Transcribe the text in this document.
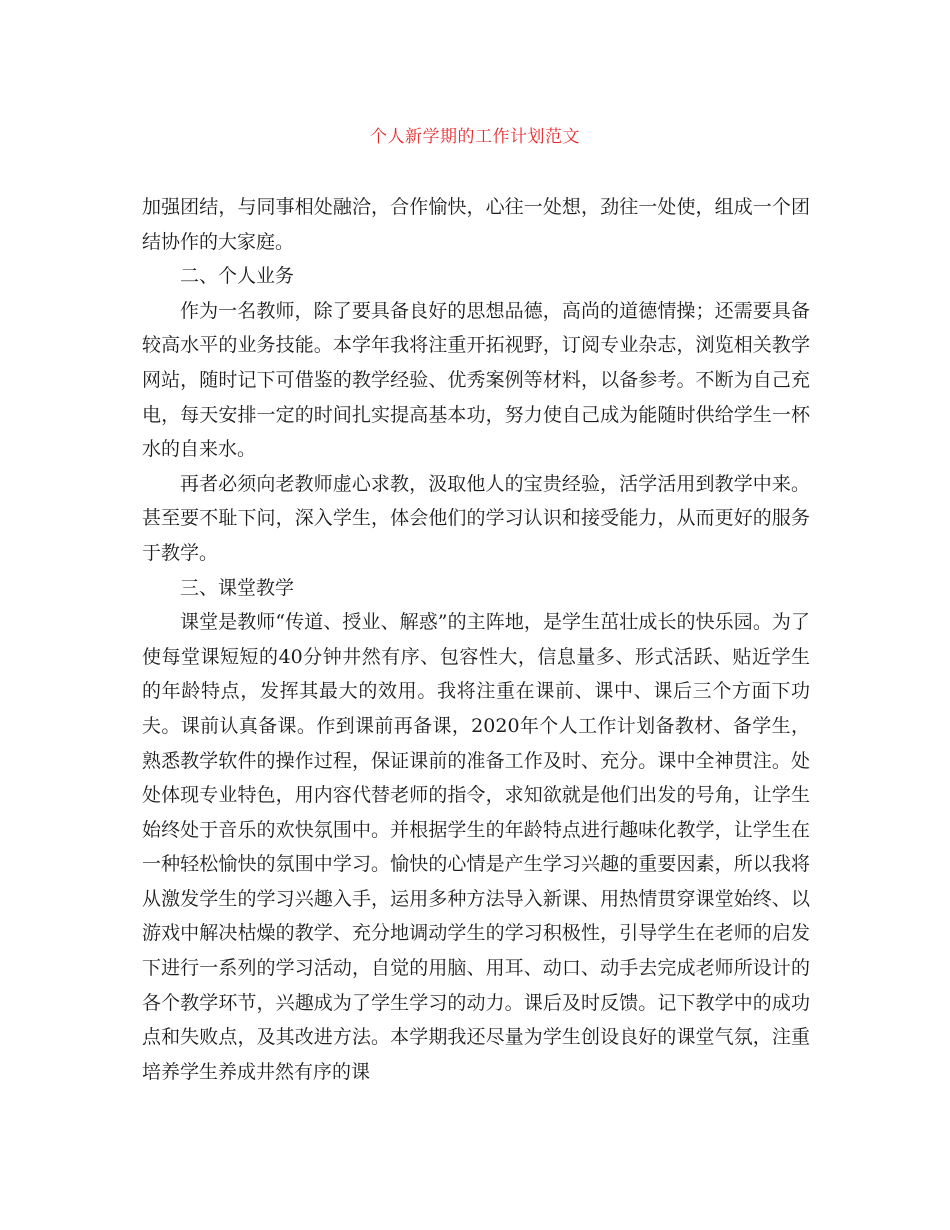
个人新学期的工作计划范文

加强团结，与同事相处融洽，合作愉快，心往一处想，劲往一处使，组成一个团结协作的大家庭。

二、个人业务

作为一名教师，除了要具备良好的思想品德，高尚的道德情操；还需要具备较高水平的业务技能。本学年我将注重开拓视野，订阅专业杂志，浏览相关教学网站，随时记下可借鉴的教学经验、优秀案例等材料，以备参考。不断为自己充电，每天安排一定的时间扎实提高基本功，努力使自己成为能随时供给学生一杯水的自来水。

再者必须向老教师虚心求教，汲取他人的宝贵经验，活学活用到教学中来。甚至要不耻下问，深入学生，体会他们的学习认识和接受能力，从而更好的服务于教学。

三、课堂教学

课堂是教师“传道、授业、解惑”的主阵地，是学生茁壮成长的快乐园。为了使每堂课短短的40分钟井然有序、包容性大，信息量多、形式活跃、贴近学生的年龄特点，发挥其最大的效用。我将注重在课前、课中、课后三个方面下功夫。课前认真备课。作到课前再备课，2020年个人工作计划备教材、备学生，熟悉教学软件的操作过程，保证课前的准备工作及时、充分。课中全神贯注。处处体现专业特色，用内容代替老师的指令，求知欲就是他们出发的号角，让学生始终处于音乐的欢快氛围中。并根据学生的年龄特点进行趣味化教学，让学生在一种轻松愉快的氛围中学习。愉快的心情是产生学习兴趣的重要因素，所以我将从激发学生的学习兴趣入手，运用多种方法导入新课、用热情贯穿课堂始终、以游戏中解决枯燥的教学、充分地调动学生的学习积极性，引导学生在老师的启发下进行一系列的学习活动，自觉的用脑、用耳、动口、动手去完成老师所设计的各个教学环节，兴趣成为了学生学习的动力。课后及时反馈。记下教学中的成功点和失败点，及其改进方法。本学期我还尽量为学生创设良好的课堂气氛，注重培养学生养成井然有序的课
